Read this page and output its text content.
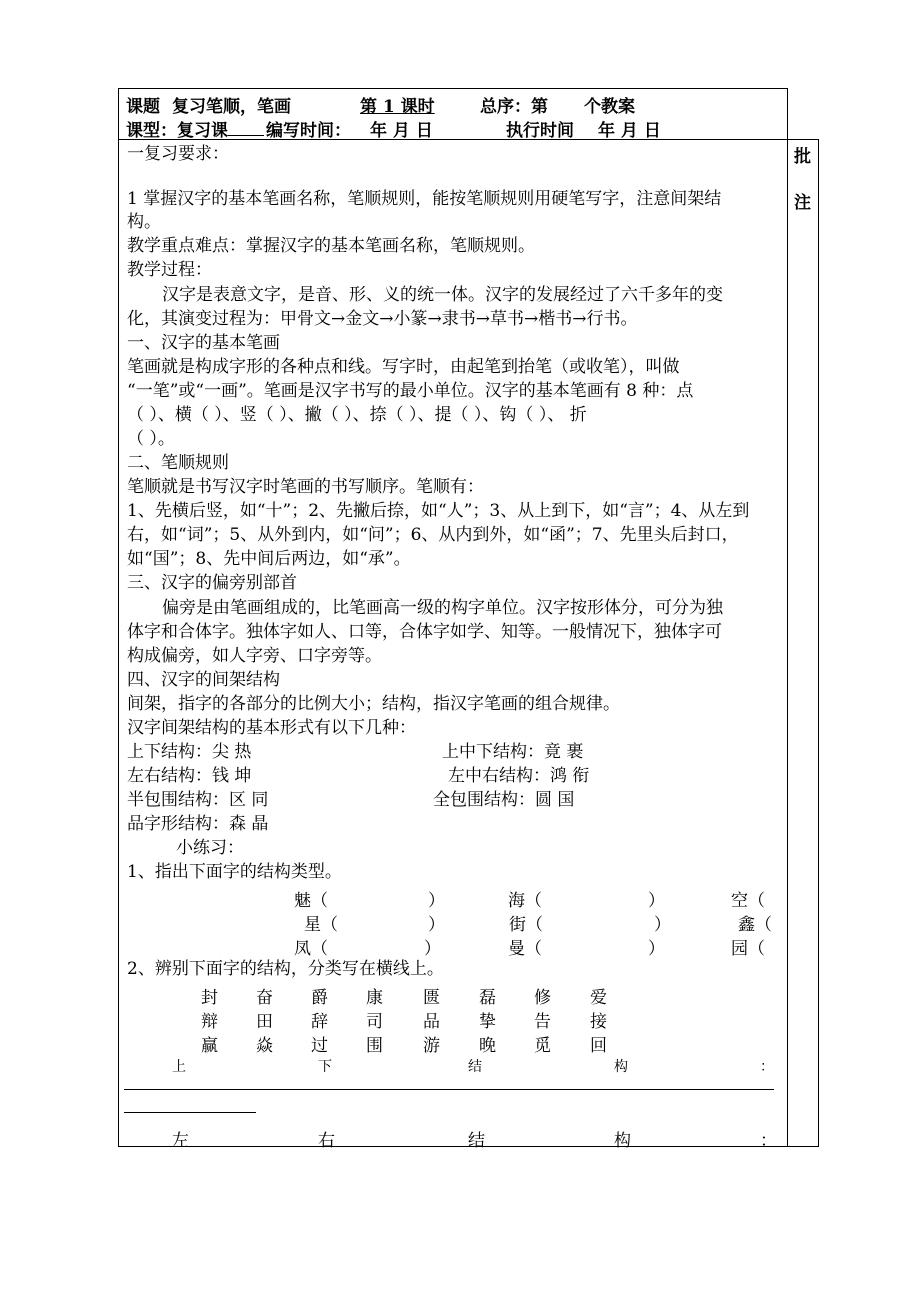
批
注
课题 复习笔顺，笔画	第 1 课时	总序：第 个教案
课型：复习课 编写时间： 年 月 日	执行时间 年 月 日
一复习要求：
1 掌握汉字的基本笔画名称，笔顺规则，能按笔顺规则用硬笔写字，注意间架结
构。
教学重点难点：掌握汉字的基本笔画名称，笔顺规则。
教学过程：
汉字是表意文字，是音、形、义的统一体。汉字的发展经过了六千多年的变
化，其演变过程为：甲骨文→金文→小篆→隶书→草书→楷书→行书。
一、汉字的基本笔画
笔画就是构成字形的各种点和线。写字时，由起笔到抬笔（或收笔），叫做
“一笔”或“一画”。笔画是汉字书写的最小单位。汉字的基本笔画有 8 种：点
（ ）、横（ ）、竖（ ）、撇（ ）、捺（ ）、提（ ）、钩（ ）、 折
（ ）。
二、笔顺规则
笔顺就是书写汉字时笔画的书写顺序。笔顺有：
1、先横后竖，如“十”；2、先撇后捺，如“人”；3、从上到下，如“言”；4、从左到
右，如“词”；5、从外到内，如“问”；6、从内到外，如“函”；7、先里头后封口，
如“国”；8、先中间后两边，如“承”。
三、汉字的偏旁别部首
偏旁是由笔画组成的，比笔画高一级的构字单位。汉字按形体分，可分为独
体字和合体字。独体字如人、口等，合体字如学、知等。一般情况下，独体字可
构成偏旁，如人字旁、口字旁等。
四、汉字的间架结构
间架，指字的各部分的比例大小；结构，指汉字笔画的组合规律。
汉字间架结构的基本形式有以下几种：
上下结构：尖 热	上中下结构：竟 裹
左右结构：钱 坤	左中右结构：鸿 衔
半包围结构：区 同	全包围结构：圆 国
品字形结构：森 晶
小练习：
1、指出下面字的结构类型。
魅（	）	海（	）	空（
星（	）	街（	）	鑫（
凤（	）	曼（	）	园（
2、辨别下面字的结构，分类写在横线上。
封 奋 爵 康 匮 磊 修 爱
辩 田 辞 司 品 挚 告 接
赢 焱 过 围 游 晚 觅 回
上	下	结	构	：
左	右	结	构	：
